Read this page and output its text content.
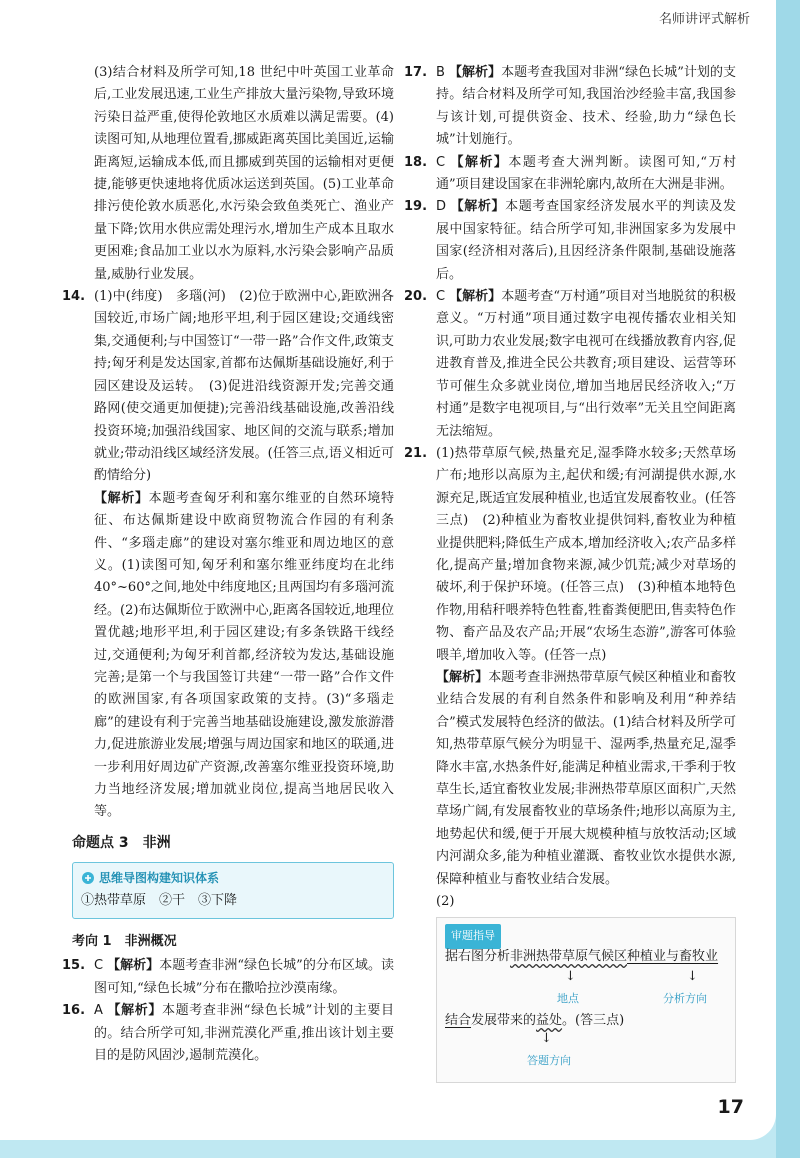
名师讲评式解析
17

(3)结合材料及所学可知,18 世纪中叶英国工业革命后,工业发展迅速,工业生产排放大量污染物,导致环境污染日益严重,使得伦敦地区水质难以满足需要。(4)读图可知,从地理位置看,挪威距离英国比美国近,运输距离短,运输成本低,而且挪威到英国的运输相对更便捷,能够更快速地将优质冰运送到英国。(5)工业革命排污使伦敦水质恶化,水污染会致鱼类死亡、渔业产量下降;饮用水供应需处理污水,增加生产成本且取水更困难;食品加工业以水为原料,水污染会影响产品质量,威胁行业发展。

14. (1)中(纬度)　多瑙(河)　(2)位于欧洲中心,距欧洲各国较近,市场广阔;地形平坦,利于园区建设;交通线密集,交通便利;与中国签订“一带一路”合作文件,政策支持;匈牙利是发达国家,首都布达佩斯基础设施好,利于园区建设及运转。　(3)促进沿线资源开发;完善交通路网(使交通更加便捷);完善沿线基础设施,改善沿线投资环境;加强沿线国家、地区间的交流与联系;增加就业;带动沿线区域经济发展。(任答三点,语义相近可酌情给分)

【解析】本题考查匈牙利和塞尔维亚的自然环境特征、布达佩斯建设中欧商贸物流合作园的有利条件、“多瑙走廊”的建设对塞尔维亚和周边地区的意义。(1)读图可知,匈牙利和塞尔维亚纬度均在北纬 40°~60°之间,地处中纬度地区;且两国均有多瑙河流经。(2)布达佩斯位于欧洲中心,距离各国较近,地理位置优越;地形平坦,利于园区建设;有多条铁路干线经过,交通便利;为匈牙利首都,经济较为发达,基础设施完善;是第一个与我国签订共建“一带一路”合作文件的欧洲国家,有各项国家政策的支持。(3)“多瑙走廊”的建设有利于完善当地基础设施建设,激发旅游潜力,促进旅游业发展;增强与周边国家和地区的联通,进一步利用好周边矿产资源,改善塞尔维亚投资环境,助力当地经济发展;增加就业岗位,提高当地居民收入等。

命题点 3　非洲
思维导图构建知识体系
①热带草原　②干　③下降
考向 1　非洲概况
15. C 【解析】本题考查非洲“绿色长城”的分布区域。读图可知,“绿色长城”分布在撒哈拉沙漠南缘。

16. A 【解析】本题考查非洲“绿色长城”计划的主要目的。结合所学可知,非洲荒漠化严重,推出该计划主要目的是防风固沙,遏制荒漠化。

17. B 【解析】本题考查我国对非洲“绿色长城”计划的支持。结合材料及所学可知,我国治沙经验丰富,我国参与该计划,可提供资金、技术、经验,助力“绿色长城”计划施行。

18. C 【解析】本题考查大洲判断。读图可知,“万村通”项目建设国家在非洲轮廓内,故所在大洲是非洲。

19. D 【解析】本题考查国家经济发展水平的判读及发展中国家特征。结合所学可知,非洲国家多为发展中国家(经济相对落后),且因经济条件限制,基础设施落后。

20. C 【解析】本题考查“万村通”项目对当地脱贫的积极意义。“万村通”项目通过数字电视传播农业相关知识,可助力农业发展;数字电视可在线播放教育内容,促进教育普及,推进全民公共教育;项目建设、运营等环节可催生众多就业岗位,增加当地居民经济收入;“万村通”是数字电视项目,与“出行效率”无关且空间距离无法缩短。

21. (1)热带草原气候,热量充足,湿季降水较多;天然草场广布;地形以高原为主,起伏和缓;有河湖提供水源,水源充足,既适宜发展种植业,也适宜发展畜牧业。(任答三点)　(2)种植业为畜牧业提供饲料,畜牧业为种植业提供肥料;降低生产成本,增加经济收入;农产品多样化,提高产量;增加食物来源,减少饥荒;减少对草场的破坏,利于保护环境。(任答三点)　(3)种植本地特色作物,用秸秆喂养特色牲畜,牲畜粪便肥田,售卖特色作物、畜产品及农产品;开展“农场生态游”,游客可体验喂羊,增加收入等。(任答一点)

【解析】本题考查非洲热带草原气候区种植业和畜牧业结合发展的有利自然条件和影响及利用“种养结合”模式发展特色经济的做法。(1)结合材料及所学可知,热带草原气候分为明显干、湿两季,热量充足,湿季降水丰富,水热条件好,能满足种植业需求,干季利于牧草生长,适宜畜牧业发展;非洲热带草原区面积广,天然草场广阔,有发展畜牧业的草场条件;地形以高原为主,地势起伏和缓,便于开展大规模种植与放牧活动;区域内河湖众多,能为种植业灌溉、畜牧业饮水提供水源,保障种植业与畜牧业结合发展。

(2)

审题指导
据右图分析非洲热带草原气候区种植业与畜牧业
↓	↓
地点	分析方向
结合发展带来的益处。(答三点)
↓
答题方向
